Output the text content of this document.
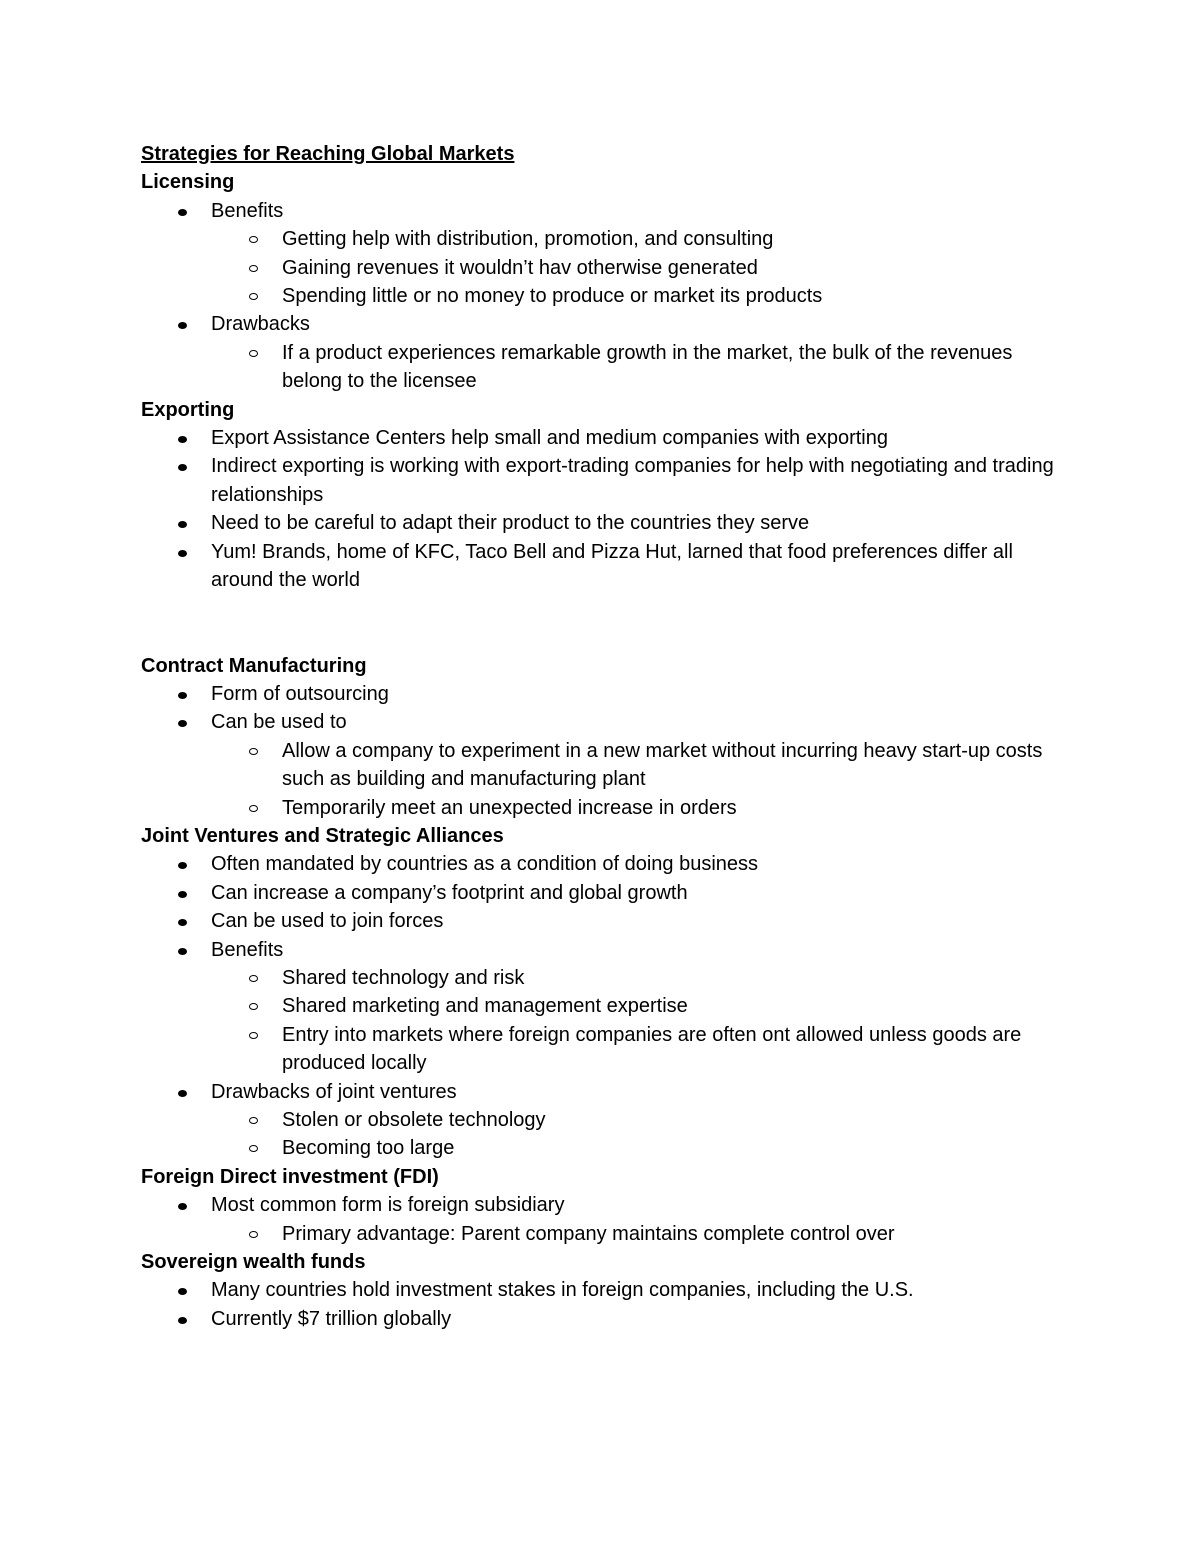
Strategies for Reaching Global Markets

Licensing

Benefits
Getting help with distribution, promotion, and consulting
Gaining revenues it wouldn’t hav otherwise generated
Spending little or no money to produce or market its products
Drawbacks
If a product experiences remarkable growth in the market, the bulk of the revenues belong to the licensee

Exporting

Export Assistance Centers help small and medium companies with exporting
Indirect exporting is working with export-trading companies for help with negotiating and trading relationships
Need to be careful to adapt their product to the countries they serve
Yum! Brands, home of KFC, Taco Bell and Pizza Hut, larned that food preferences differ all around the world

Contract Manufacturing

Form of outsourcing
Can be used to
Allow a company to experiment in a new market without incurring heavy start-up costs such as building and manufacturing plant
Temporarily meet an unexpected increase in orders

Joint Ventures and Strategic Alliances

Often mandated by countries as a condition of doing business
Can increase a company’s footprint and global growth
Can be used to join forces
Benefits
Shared technology and risk
Shared marketing and management expertise
Entry into markets where foreign companies are often ont allowed unless goods are produced locally
Drawbacks of joint ventures
Stolen or obsolete technology
Becoming too large

Foreign Direct investment (FDI)

Most common form is foreign subsidiary
Primary advantage: Parent company maintains complete control over

Sovereign wealth funds

Many countries hold investment stakes in foreign companies, including the U.S.
Currently $7 trillion globally
